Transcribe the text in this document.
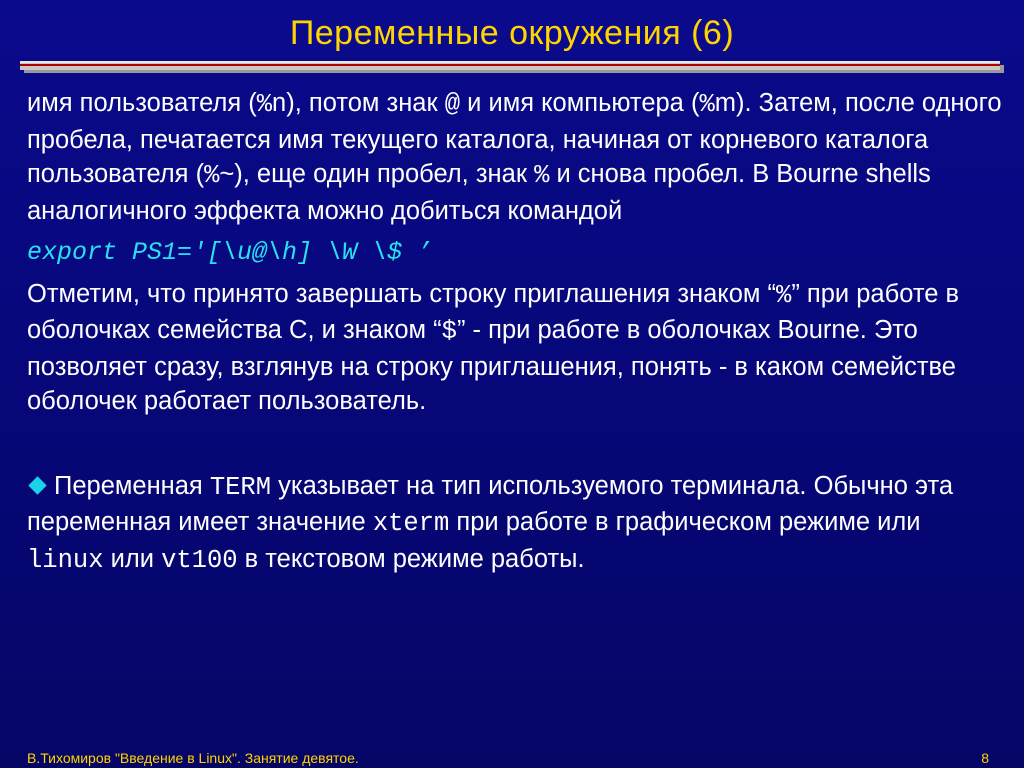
Переменные окружения (6)

имя пользователя (%n), потом знак @ и имя компьютера (%m). Затем, после одного пробела, печатается имя текущего каталога, начиная от корневого каталога пользователя (%~), еще один пробел, знак % и снова пробел. В Bourne shells аналогичного эффекта можно добиться командой

export PS1='[\u@\h] \W \$ ’

Отметим, что принято завершать строку приглашения знаком “%” при работе в оболочках семейства С, и знаком “$” - при работе в оболочках Bourne. Это позволяет сразу, взглянув на строку приглашения, понять - в каком семействе оболочек работает пользователь.

Переменная TERM указывает на тип используемого терминала. Обычно эта переменная имеет значение xterm при работе в графическом режиме или linux или vt100 в текстовом режиме работы.

В.Тихомиров "Введение в Linux". Занятие девятое.	8
